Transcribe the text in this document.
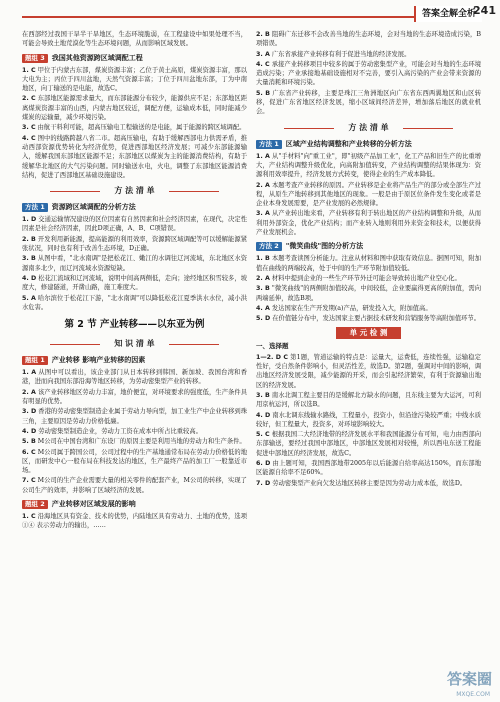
答案全解全析
241

在西部经过我国干旱半干旱地区，生态环境脆弱，在工程建设中如果处理不当，可能会导致土地荒漠化等生态环境问题，从而影响区域发展。

题组 3 我国其他资源跨区域调配工程

1. C 甲位于内蒙古东部，煤炭资源丰富；乙位于黄土高原，煤炭资源丰富，那以大电为主；丙位于四川盆地，天然气资源丰富；丁位于四川盆地东部，丁为中南地区，向丁输送的是电能，故选C。

2. C 东部地区能源需求量大，而东部能源分布较少，能源供应不足；东部地区距离煤炭资源丰富的山西，内蒙古地区较近，调配方便，运输成本低，同时能减少煤炭的运输量，减少环境污染。

3. C 由航干料利可能，超高压输电工程输送的是电能，属于能源的跨区域调配。

4. C 图中的线路跨越八省二市。超高压输电，有助于缓解西部电力供需矛盾，推动西部资源优势转化为经济优势，促进西部地区经济发展；可减少东部能源输入，缓解我国东部地区能源不足；东部地区以煤炭为主的能源消费结构，有助于缓解华北地区的大气污染问题。同时输送水电，火电，调整了东部地区能源消费结构，促进了西部地区基础设施建设。

方 法 清 单
方法 1 资源跨区域调配的分析方法

1. D 交通运输情况建设的区位因素有自然因素和社会经济因素，在现代，决定性因素是社会经济因素，因此D项正确，A、B、C项错误。

2. B 开发利用新能源，提高能源的利用效率，资源跨区域调配等可以缓解能源紧张状况，同时也有利于改善生态环境，D正确。

3. B 从图中看，"北水南调"是把松花江、嫩江的水调往辽河流域，东北地区水资源南多北少，而辽河流域水资源短缺。

4. D 松花江流域和辽河流域，说明中间高两侧低，走向；途经地区积雪较多，坡度大，修建隧道，开凿山路，施工难度大。

5. A 哈尔滨位于松花江下游，"北水南调"可以降低松花江夏季洪水水位，减小洪水危害。

第 2 节 产业转移——以东亚为例
知 识 清 单
题组 1 产业转移 影响产业转移的因素

1. A 从图中可以看出，该企业部门从日本转移到韩国、新加坡、我国台湾和香港，进而向我国东部沿海等地区转移，为劳动密集型产业的转移。

2. A 该产业转移地区劳动力丰富，地价便宜，对环境要求的强度低，生产条件具有明显的优势。

3. D 香港的劳动密集型制造企业属于劳动力导向型，加工业生产中企业转移到珠三角，主要原因是劳动力价格低廉。

4. D 劳动密集型制造企业，劳动力工资在成本中所占比重较高。

5. B M公司在中国台湾和广东设厂的原因主要是利用当地的劳动力和生产条件。

6. C M公司属于跨国公司，公司过程中的生产基地通常布局在劳动力价格低的地区，而研发中心一般布局在科技发达的地区，生产最终产品的加工厂一般靠近市场。

7. C M公司的生产企业需要大量的相关零件的配套产业，M公司的转移，实现了公司生产的效率，并影响了区域经济的发展。

题组 2 产业转移对区域发展的影响

1. C 沿海地区具有资金、技术的优势，内陆地区具有劳动力、土地的优势，选项①④ 表示劳动力的输出，……

2. B 阻碍广东迁移不会改善当地的生态环境，会对当地的生态环境造成污染，B项错误。

3. A 广东省承接产业转移有利于促进当地的经济发展。

4. C 承接产业转移项目中较多的属于劳动密集型产业，可能会对当地的生态环境造成污染；产业承接地基础设施相对不完善，要引入高污染的产业会带来资源的大量消耗和环境污染。

5. B 广东省产业转移，主要是珠江三角洲地区向广东省东西两翼地区和山区转移，促进广东省地区经济发展，缩小区域间经济差异，增加落后地区的就业机会。

方 法 清 单
方法 1 区域产业结构调整和产业转移的分析方法

1. A 从"手材料"向"重工业"，即"初级产品加工业"，化工产品和旧生产的比重增大，产业结构调整升级优化，向高附加值转变，产业结构调整的结果体现为：资源利用效率提升，经济发展方式转变，使得企业的生产成本降低。

2. A 本题考查产业转移的原因。产业转移是企业将产品生产的部分或全部生产过程，从原生产地转移到其他地区的现象。一般是由于原区位条件发生变化或者是企业本身发展需要，是产业发展的必然规律。

3. A 从产业转出地来看，产业转移有利于转出地区的产业结构调整和升级，从而利用外部资金，优化产业结构；而产业转入地则利用外来资金和技术，以便获得产业发展机会。

方法 2 "微笑曲线"图的分析方法

1. B 本题考查读图分析能力。注意从材料和图中获取有效信息。据图可知，附加值在曲线的两端较高，处于中间的生产环节附加值较低。

2. A 材料中提到企业的一些生产环节外迁可能会导致转出地产业空心化。

3. B "微笑曲线"的两侧附加值较高，中间较低，企业要赢得更高的附加值，需向两端延伸，故选B项。

4. A 发达国家在生产开发期(a)产品，研发投入大，附加值高。

5. D 在价值链分布中，发达国家主要占据技术研发和营销服务等高附加值环节。

单 元 检 测
一、选择题

1—2. D C 第1题，管道运输的特点是：运量大，运费低，连续性强，运输稳定性好，受自然条件影响小，但灵活性差，故选D。第2题，强调对中间的影响，调出地区经济发展受限，减少能源的开采，而会引起经济繁荣，有利于资源输出地区的经济发展。

3. B 南水北调工程主要目的是缓解北方缺水的问题，且东线主要为大运河，可利用京杭运河，所以选B。

4. D 南水北调东线输水路线，工程量小，投资小，但沿途污染较严重；中线水质较好，但工程量大，投资多，对环境影响较大。

5. C 根据我国二大经济地带的经济发展水平和我国能源分布可知，电力由西部向东部输送，要经过我国中部地区，中部地区发展相对较慢，所以西电东送工程能促进中部地区的经济发展，故选C。

6. D 由上题可知，我国西部地带2005年以后能源自给率高达150%，而东部地区能源自给率不足60%。

7. D 劳动密集型产业向欠发达地区转移主要是因为劳动力成本低，故选D。

答案圈
MXQE.COM
